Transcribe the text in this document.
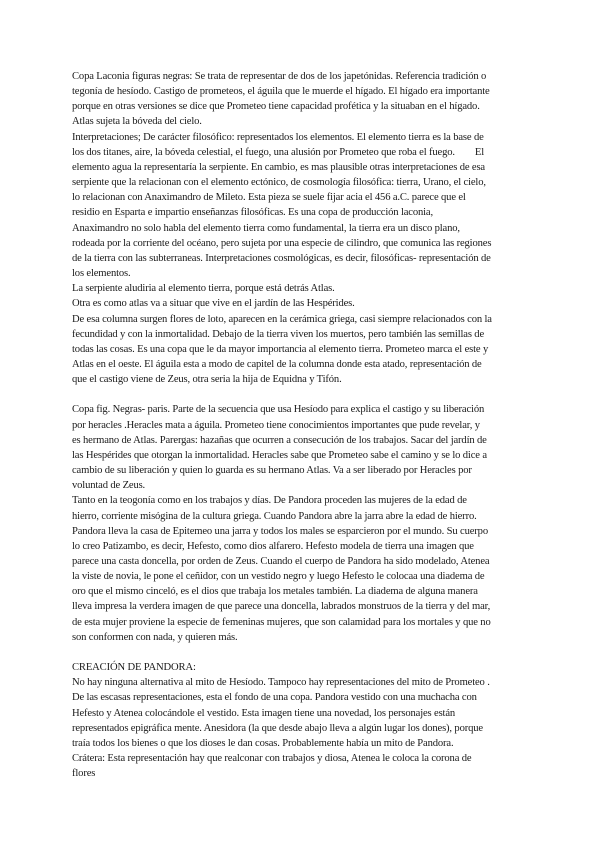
Copa Laconia figuras negras: Se trata de representar de dos de los japetónidas. Referencia tradición o
tegonía de hesíodo. Castigo de prometeos, el águila que le muerde el hígado. El hígado era importante
porque en otras versiones se dice que Prometeo tiene capacidad profética y la situaban en el hígado.
Atlas sujeta la bóveda del cielo.
Interpretaciones; De carácter filosófico: representados los elementos. El elemento tierra es la base de
los dos titanes, aire, la bóveda celestial, el fuego, una alusión por Prometeo que roba el fuego.        El
elemento agua la representaría la serpiente. En cambio, es mas plausible otras interpretaciones de esa
serpiente que la relacionan con el elemento ectónico, de cosmología filosófica: tierra, Urano, el cielo,
lo relacionan con Anaximandro de Mileto. Esta pieza se suele fijar acia el 456 a.C. parece que el
residio en Esparta e impartio enseñanzas filosóficas. Es una copa de producción laconia,
Anaximandro no solo habla del elemento tierra como fundamental, la tierra era un disco plano,
rodeada por la corriente del océano, pero sujeta por una especie de cilindro, que comunica las regiones
de la tierra con las subterraneas. Interpretaciones cosmológicas, es decir, filosóficas- representación de
los elementos.
La serpiente aludiria al elemento tierra, porque está detrás Atlas.
Otra es como atlas va a situar que vive en el jardín de las Hespérides.
De esa columna surgen flores de loto, aparecen en la cerámica griega, casi siempre relacionados con la
fecundidad y con la inmortalidad. Debajo de la tierra viven los muertos, pero también las semillas de
todas las cosas. Es una copa que le da mayor importancia al elemento tierra. Prometeo marca el este y
Atlas en el oeste. El águila esta a modo de capitel de la columna donde esta atado, representación de
que el castigo viene de Zeus, otra seria la hija de Equidna y Tifón.
Copa fig. Negras- paris. Parte de la secuencia que usa Hesíodo para explica el castigo y su liberación
por heracles .Heracles mata a águila. Prometeo tiene conocimientos importantes que pude revelar, y
es hermano de Atlas. Parergas: hazañas que ocurren a consecución de los trabajos. Sacar del jardín de
las Hespérides que otorgan la inmortalidad. Heracles sabe que Prometeo sabe el camino y se lo dice a
cambio de su liberación y quien lo guarda es su hermano Atlas. Va a ser liberado por Heracles por
voluntad de Zeus.
Tanto en la teogonía como en los trabajos y días. De Pandora proceden las mujeres de la edad de
hierro, corriente misógina de la cultura griega. Cuando Pandora abre la jarra abre la edad de hierro.
Pandora lleva la casa de Epitemeo una jarra y todos los males se esparcieron por el mundo. Su cuerpo
lo creo Patizambo, es decir, Hefesto, como dios alfarero. Hefesto modela de tierra una imagen que
parece una casta doncella, por orden de Zeus. Cuando el cuerpo de Pandora ha sido modelado, Atenea
la viste de novia, le pone el ceñidor, con un vestido negro y luego Hefesto le colocaa una diadema de
oro que el mismo cinceló, es el dios que trabaja los metales también. La diadema de alguna manera
lleva impresa la verdera imagen de que parece una doncella, labrados monstruos de la tierra y del mar,
de esta mujer proviene la especie de femeninas mujeres, que son calamidad para los mortales y que no
son conformen con nada, y quieren más.
CREACIÓN DE PANDORA:
No hay ninguna alternativa al mito de Hesíodo. Tampoco hay representaciones del mito de Prometeo .
De las escasas representaciones, esta el fondo de una copa. Pandora vestido con una muchacha con
Hefesto y Atenea colocándole el vestido. Esta imagen tiene una novedad, los personajes están
representados epigráfica mente. Anesidora (la que desde abajo lleva a algún lugar los dones), porque
traía todos los bienes o que los dioses le dan cosas. Probablemente había un mito de Pandora.
Crátera: Esta representación hay que realconar con trabajos y diosa, Atenea le coloca la corona de
flores
